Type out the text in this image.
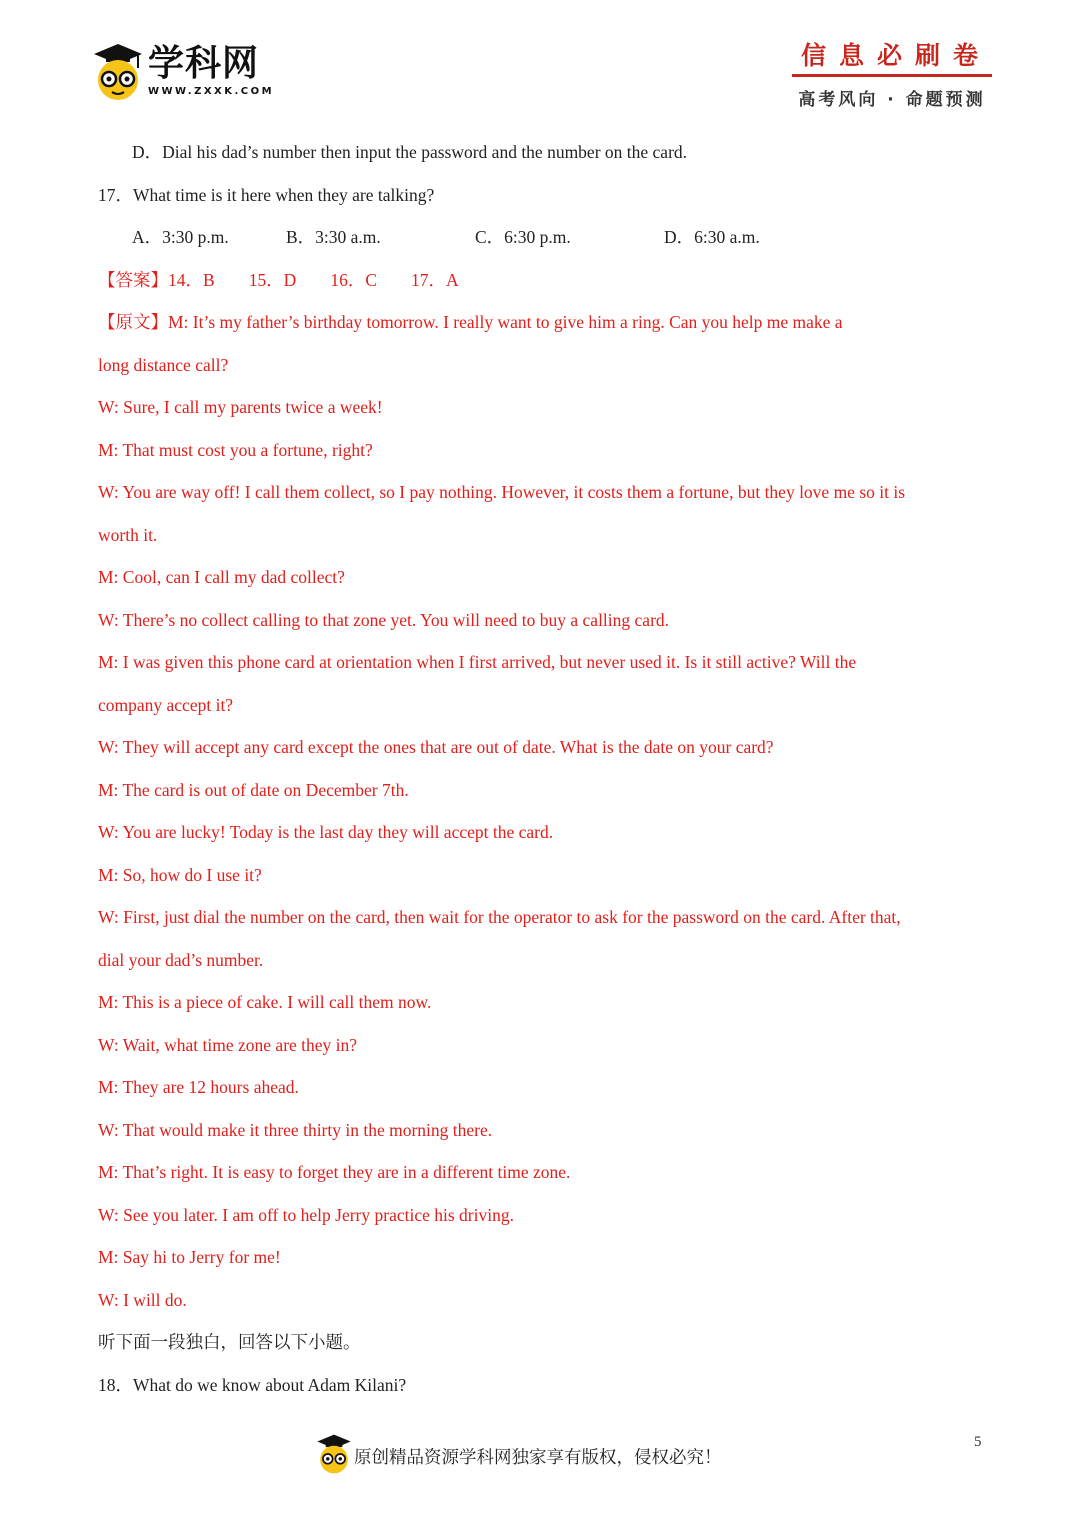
学科网
WWW.ZXXK.COM
信息必刷卷
高考风向 · 命题预测
D．Dial his dad’s number then input the password and the number on the card.
17．What time is it here when they are talking?
A．3:30 p.m.	B．3:30 a.m.	C．6:30 p.m.	D．6:30 a.m.
【答案】14．B 15．D 16．C 17．A
【原文】M: It’s my father’s birthday tomorrow. I really want to give him a ring. Can you help me make a
long distance call?
W: Sure, I call my parents twice a week!
M: That must cost you a fortune, right?
W: You are way off! I call them collect, so I pay nothing. However, it costs them a fortune, but they love me so it is
worth it.
M: Cool, can I call my dad collect?
W: There’s no collect calling to that zone yet. You will need to buy a calling card.
M: I was given this phone card at orientation when I first arrived, but never used it. Is it still active? Will the
company accept it?
W: They will accept any card except the ones that are out of date. What is the date on your card?
M: The card is out of date on December 7th.
W: You are lucky! Today is the last day they will accept the card.
M: So, how do I use it?
W: First, just dial the number on the card, then wait for the operator to ask for the password on the card. After that,
dial your dad’s number.
M: This is a piece of cake. I will call them now.
W: Wait, what time zone are they in?
M: They are 12 hours ahead.
W: That would make it three thirty in the morning there.
M: That’s right. It is easy to forget they are in a different time zone.
W: See you later. I am off to help Jerry practice his driving.
M: Say hi to Jerry for me!
W: I will do.
听下面一段独白，回答以下小题。
18．What do we know about Adam Kilani?
原创精品资源学科网独家享有版权，侵权必究！
5
